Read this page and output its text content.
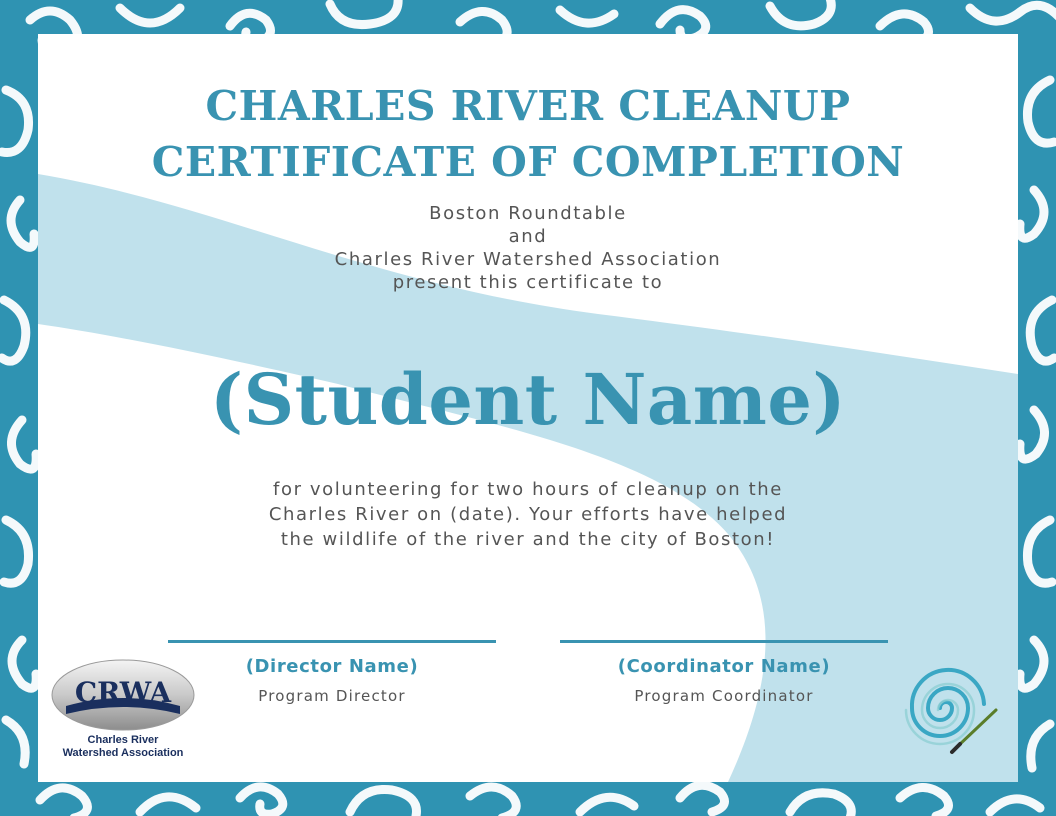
CHARLES RIVER CLEANUP
CERTIFICATE OF COMPLETION
Boston Roundtable
and
Charles River Watershed Association
present this certificate to
(Student Name)
for volunteering for two hours of cleanup on the
Charles River on (date). Your efforts have helped
the wildlife of the river and the city of Boston!
(Director Name)
Program Director
(Coordinator Name)
Program Coordinator
CRWA
Charles River
Watershed Association
